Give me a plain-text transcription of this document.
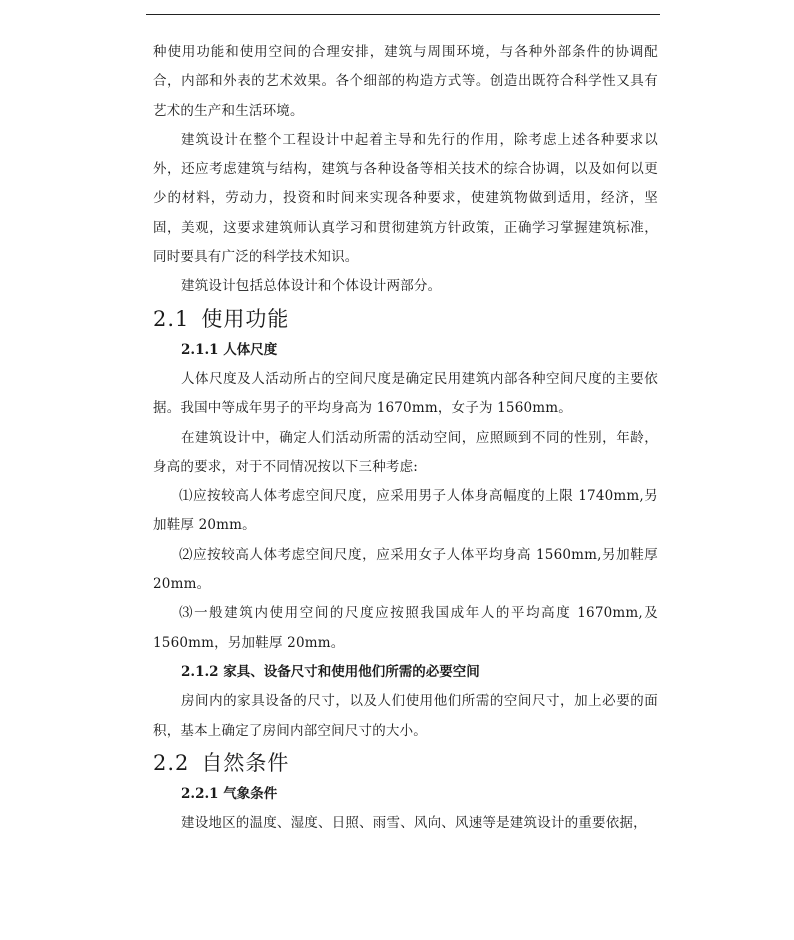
种使用功能和使用空间的合理安排，建筑与周围环境，与各种外部条件的协调配合，内部和外表的艺术效果。各个细部的构造方式等。创造出既符合科学性又具有艺术的生产和生活环境。

建筑设计在整个工程设计中起着主导和先行的作用，除考虑上述各种要求以外，还应考虑建筑与结构，建筑与各种设备等相关技术的综合协调，以及如何以更少的材料，劳动力，投资和时间来实现各种要求，使建筑物做到适用，经济，坚固，美观，这要求建筑师认真学习和贯彻建筑方针政策，正确学习掌握建筑标准，同时要具有广泛的科学技术知识。

建筑设计包括总体设计和个体设计两部分。

2.1 使用功能
2.1.1 人体尺度

人体尺度及人活动所占的空间尺度是确定民用建筑内部各种空间尺度的主要依据。我国中等成年男子的平均身高为 1670mm，女子为 1560mm。

在建筑设计中，确定人们活动所需的活动空间，应照顾到不同的性别，年龄，身高的要求，对于不同情况按以下三种考虑:

⑴应按较高人体考虑空间尺度，应采用男子人体身高幅度的上限 1740mm,另加鞋厚 20mm。

⑵应按较高人体考虑空间尺度，应采用女子人体平均身高 1560mm,另加鞋厚 20mm。

⑶一般建筑内使用空间的尺度应按照我国成年人的平均高度 1670mm,及 1560mm，另加鞋厚 20mm。

2.1.2 家具、设备尺寸和使用他们所需的必要空间

房间内的家具设备的尺寸，以及人们使用他们所需的空间尺寸，加上必要的面积，基本上确定了房间内部空间尺寸的大小。

2.2 自然条件
2.2.1 气象条件

建设地区的温度、湿度、日照、雨雪、风向、风速等是建筑设计的重要依据，
